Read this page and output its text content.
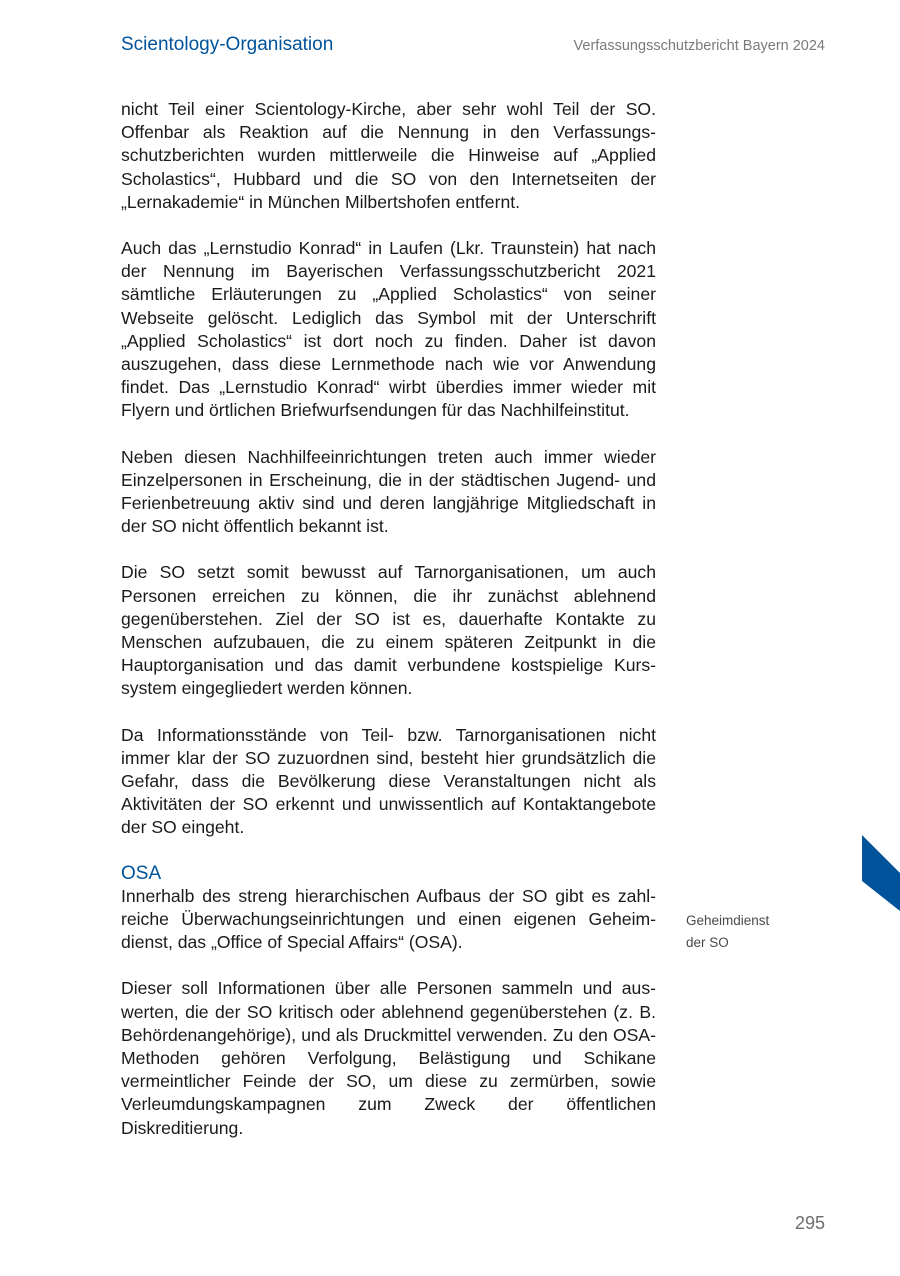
Scientology-Organisation	Verfassungsschutzbericht Bayern 2024

nicht Teil einer Scientology-Kirche, aber sehr wohl Teil der SO. Offenbar als Reaktion auf die Nennung in den Verfassungsschutzberichten wurden mittlerweile die Hinweise auf „Applied Scholastics“, Hubbard und die SO von den Internetseiten der „Lernakademie“ in München Milbertshofen entfernt.

Auch das „Lernstudio Konrad“ in Laufen (Lkr. Traunstein) hat nach der Nennung im Bayerischen Verfassungsschutzbericht 2021 sämtliche Erläuterungen zu „Applied Scholastics“ von seiner Webseite gelöscht. Lediglich das Symbol mit der Unterschrift „Applied Scholastics“ ist dort noch zu finden. Daher ist davon auszugehen, dass diese Lernmethode nach wie vor Anwendung findet. Das „Lernstudio Konrad“ wirbt überdies immer wieder mit Flyern und örtlichen Briefwurfsendungen für das Nachhilfeinstitut.

Neben diesen Nachhilfeeinrichtungen treten auch immer wieder Einzelpersonen in Erscheinung, die in der städtischen Jugend- und Ferienbetreuung aktiv sind und deren langjährige Mitgliedschaft in der SO nicht öffentlich bekannt ist.

Die SO setzt somit bewusst auf Tarnorganisationen, um auch Personen erreichen zu können, die ihr zunächst ablehnend gegenüberstehen. Ziel der SO ist es, dauerhafte Kontakte zu Menschen aufzubauen, die zu einem späteren Zeitpunkt in die Hauptorganisation und das damit verbundene kostspielige Kurssystem eingegliedert werden können.

Da Informationsstände von Teil- bzw. Tarnorganisationen nicht immer klar der SO zuzuordnen sind, besteht hier grundsätzlich die Gefahr, dass die Bevölkerung diese Veranstaltungen nicht als Aktivitäten der SO erkennt und unwissentlich auf Kontaktangebote der SO eingeht.

OSA

Innerhalb des streng hierarchischen Aufbaus der SO gibt es zahlreiche Überwachungseinrichtungen und einen eigenen Geheimdienst, das „Office of Special Affairs“ (OSA).

Dieser soll Informationen über alle Personen sammeln und auswerten, die der SO kritisch oder ablehnend gegenüberstehen (z. B. Behördenangehörige), und als Druckmittel verwenden. Zu den OSA-Methoden gehören Verfolgung, Belästigung und Schikane vermeintlicher Feinde der SO, um diese zu zermürben, sowie Verleumdungskampagnen zum Zweck der öffentlichen Diskreditierung.

Geheimdienst
der SO
295
